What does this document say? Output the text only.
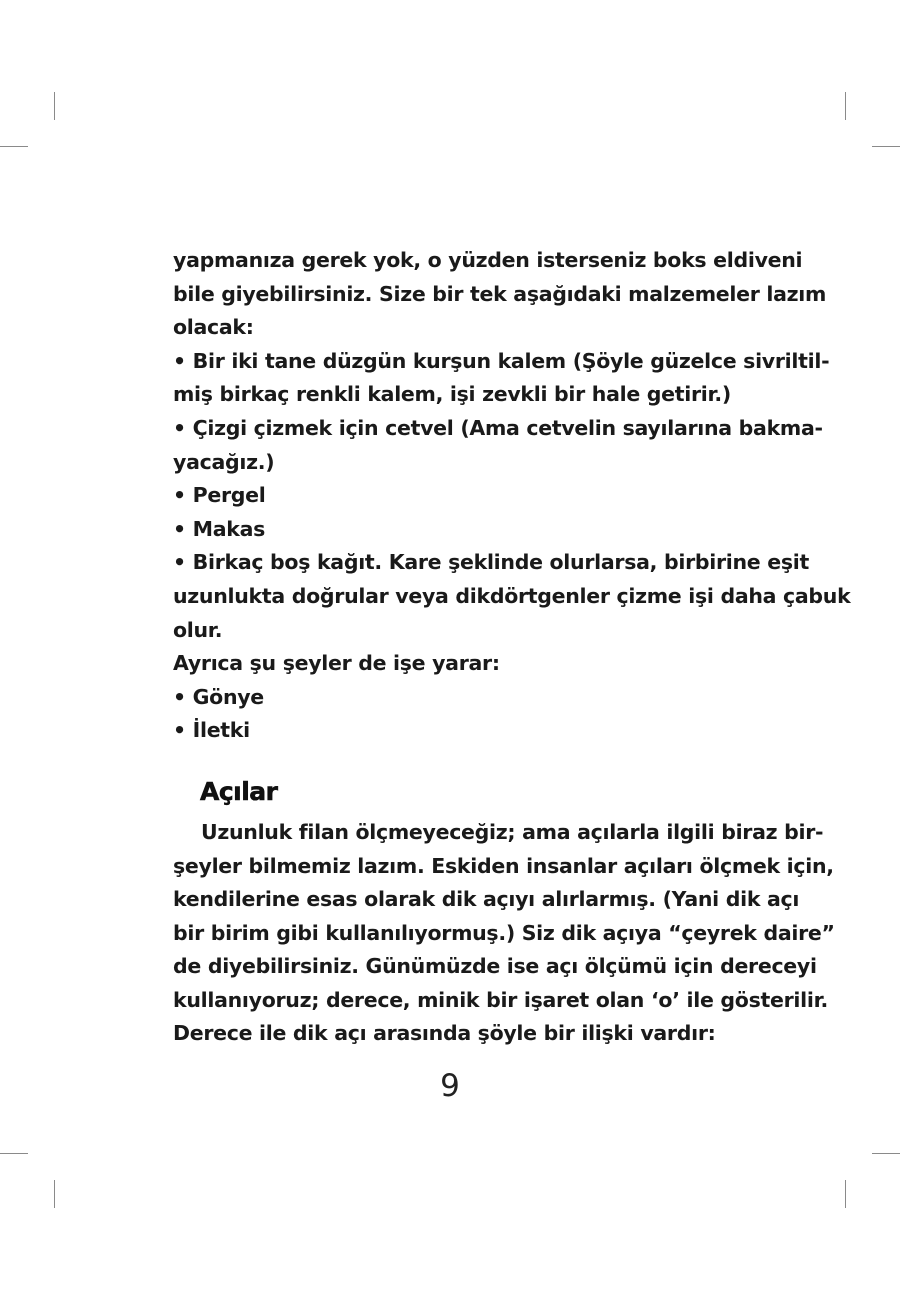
yapmanıza gerek yok, o yüzden isterseniz boks eldiveni
bile giyebilirsiniz. Size bir tek aşağıdaki malzemeler lazım
olacak:
• Bir iki tane düzgün kurşun kalem (Şöyle güzelce sivriltil-
miş birkaç renkli kalem, işi zevkli bir hale getirir.)
• Çizgi çizmek için cetvel (Ama cetvelin sayılarına bakma-
yacağız.)
• Pergel
• Makas
• Birkaç boş kağıt. Kare şeklinde olurlarsa, birbirine eşit
uzunlukta doğrular veya dikdörtgenler çizme işi daha çabuk
olur.
Ayrıca şu şeyler de işe yarar:
• Gönye
• İletki
Açılar
Uzunluk filan ölçmeyeceğiz; ama açılarla ilgili biraz bir-
şeyler bilmemiz lazım. Eskiden insanlar açıları ölçmek için,
kendilerine esas olarak dik açıyı alırlarmış. (Yani dik açı
bir birim gibi kullanılıyormuş.) Siz dik açıya “çeyrek daire”
de diyebilirsiniz. Günümüzde ise açı ölçümü için dereceyi
kullanıyoruz; derece, minik bir işaret olan ‘o’ ile gösterilir.
Derece ile dik açı arasında şöyle bir ilişki vardır:
9
